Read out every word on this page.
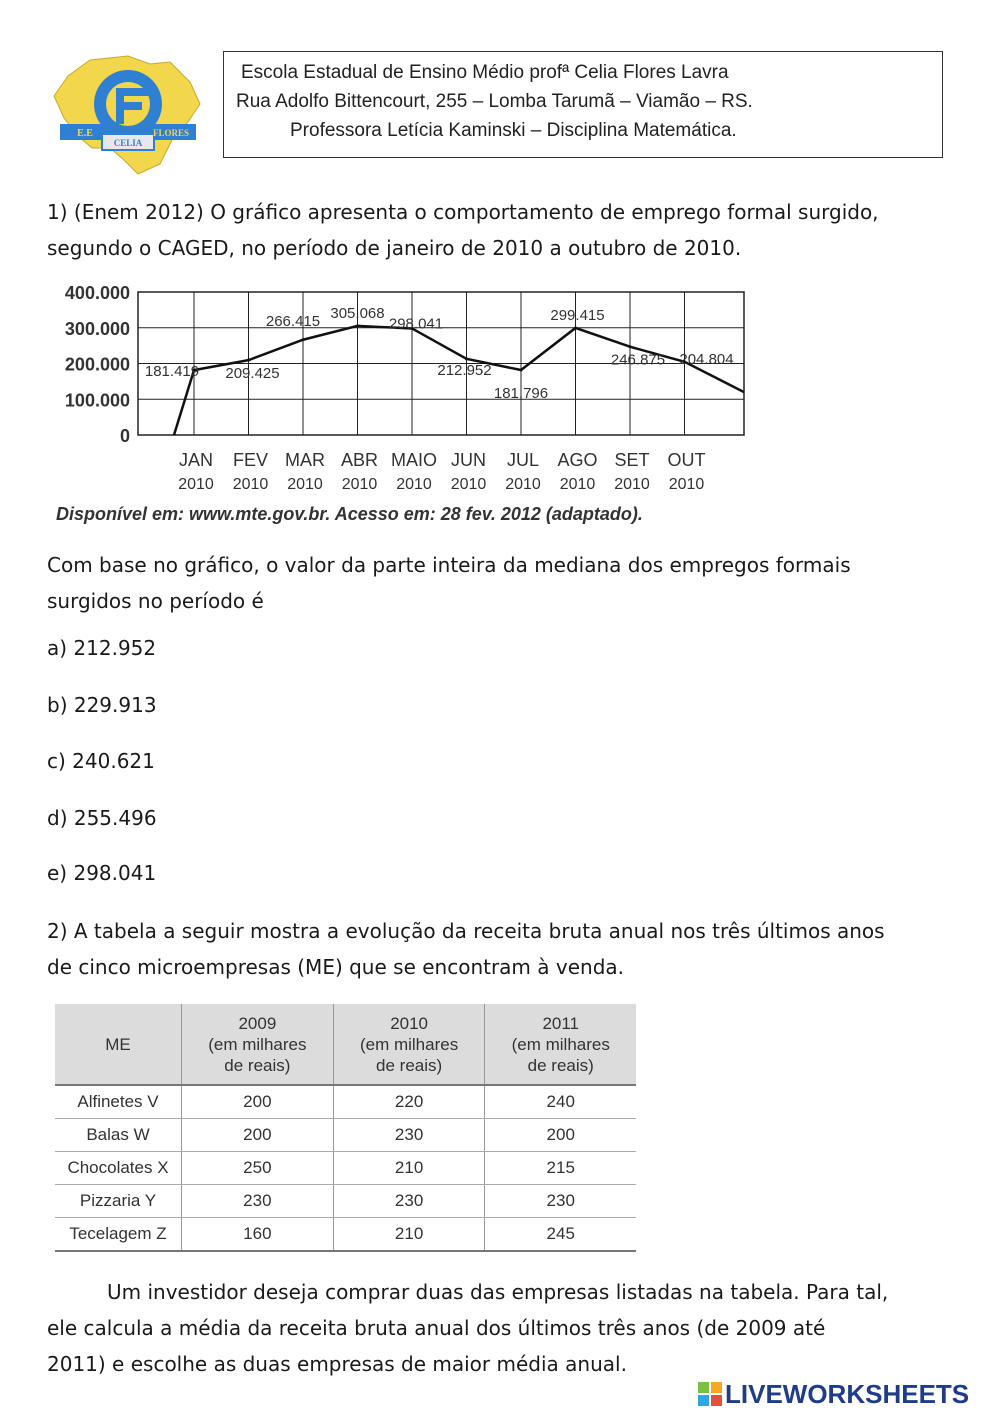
E.E	FLORES
CELIA
Escola Estadual de Ensino Médio profª Celia Flores Lavra
Rua Adolfo Bittencourt, 255 – Lomba Tarumã – Viamão – RS.
Professora Letícia Kaminski – Disciplina Matemática.
1) (Enem 2012) O gráfico apresenta o comportamento de emprego formal surgido,
segundo o CAGED, no período de janeiro de 2010 a outubro de 2010.
0
100.000
200.000
300.000
400.000
JAN
2010
FEV
2010
MAR
2010
ABR
2010
MAIO
2010
JUN
2010
JUL
2010
AGO
2010
SET
2010
OUT
2010
181.419 209.425
266.415 305.068
298.041
212.952
181.796
299.415
246.875 204.804
Disponível em: www.mte.gov.br. Acesso em: 28 fev. 2012 (adaptado).
Com base no gráfico, o valor da parte inteira da mediana dos empregos formais
surgidos no período é
a) 212.952
b) 229.913
c) 240.621
d) 255.496
e) 298.041
2) A tabela a seguir mostra a evolução da receita bruta anual nos três últimos anos
de cinco microempresas (ME) que se encontram à venda.
ME	2009
(em milhares
de reais)	2010
(em milhares
de reais)	2011
(em milhares
de reais)
Alfinetes V	200	220	240
Balas W	200	230	200
Chocolates X	250	210	215
Pizzaria Y	230	230	230
Tecelagem Z	160	210	245
Um investidor deseja comprar duas das empresas listadas na tabela. Para tal,
ele calcula a média da receita bruta anual dos últimos três anos (de 2009 até
2011) e escolhe as duas empresas de maior média anual.
LIVEWORKSHEETS
